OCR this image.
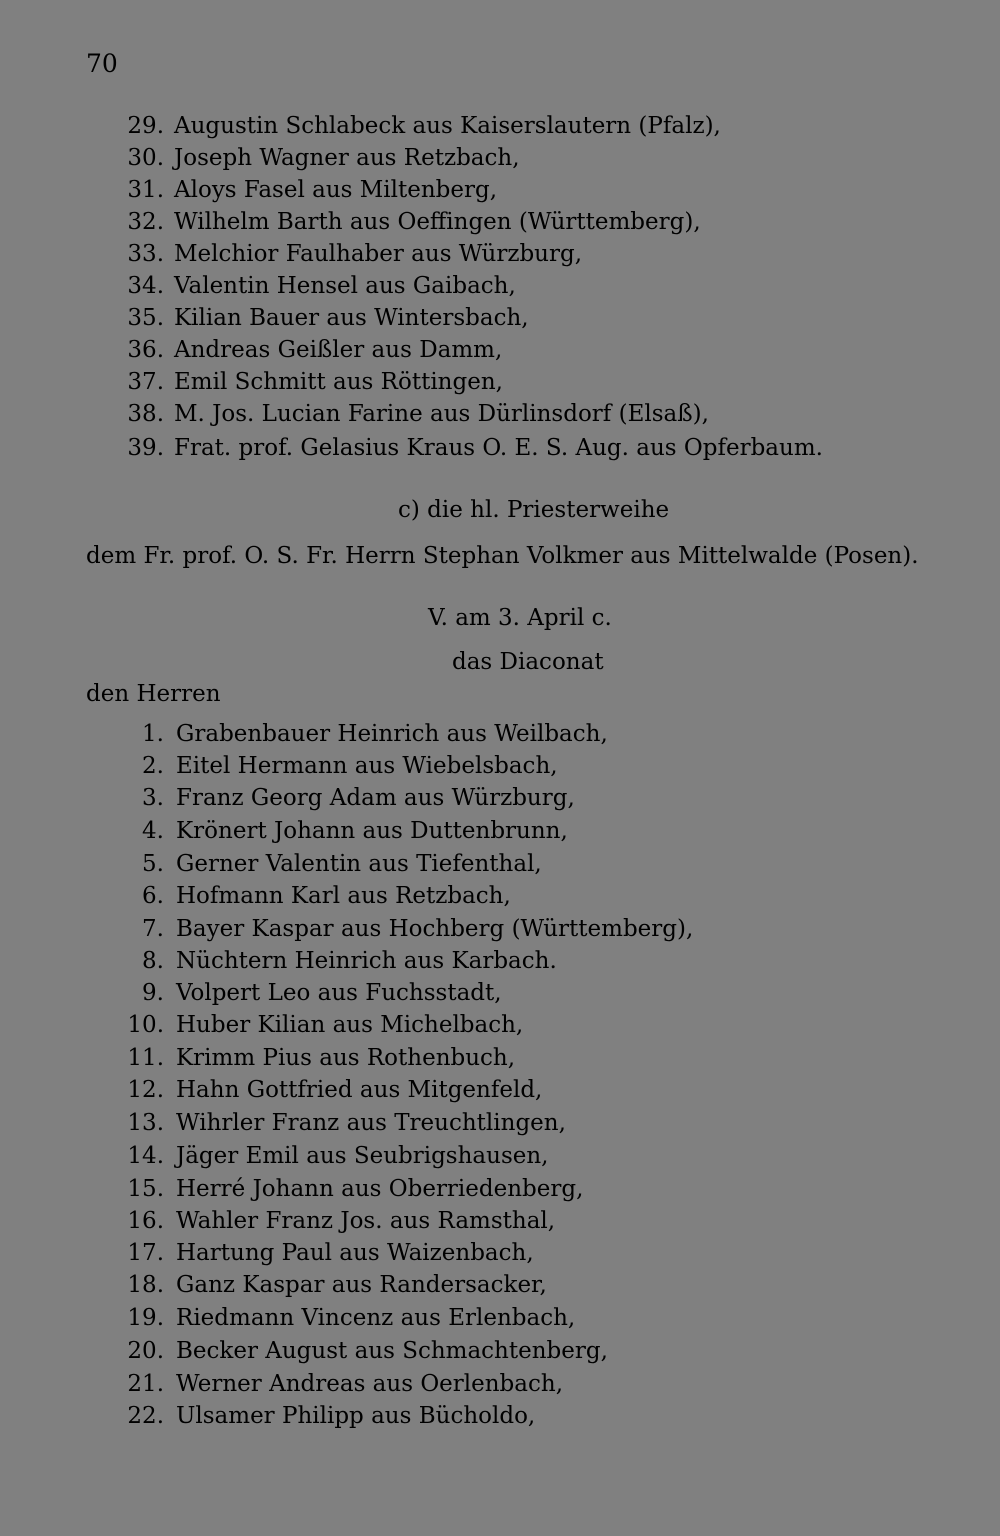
70
29. Augustin Schlabeck aus Kaiserslautern (Pfalz),
30. Joseph Wagner aus Retzbach,
31. Aloys Fasel aus Miltenberg,
32. Wilhelm Barth aus Oeffingen (Württemberg),
33. Melchior Faulhaber aus Würzburg,
34. Valentin Hensel aus Gaibach,
35. Kilian Bauer aus Wintersbach,
36. Andreas Geißler aus Damm,
37. Emil Schmitt aus Röttingen,
38. M. Jos. Lucian Farine aus Dürlinsdorf (Elsaß),
39. Frat. prof. Gelasius Kraus O. E. S. Aug. aus Opferbaum.
c) die hl. Priesterweihe
dem Fr. prof. O. S. Fr. Herrn Stephan Volkmer aus Mittelwalde (Posen).
V. am 3. April c.
das Diaconat
den Herren
1. Grabenbauer Heinrich aus Weilbach,
2. Eitel Hermann aus Wiebelsbach,
3. Franz Georg Adam aus Würzburg,
4. Krönert Johann aus Duttenbrunn,
5. Gerner Valentin aus Tiefenthal,
6. Hofmann Karl aus Retzbach,
7. Bayer Kaspar aus Hochberg (Württemberg),
8. Nüchtern Heinrich aus Karbach.
9. Volpert Leo aus Fuchsstadt,
10. Huber Kilian aus Michelbach,
11. Krimm Pius aus Rothenbuch,
12. Hahn Gottfried aus Mitgenfeld,
13. Wihrler Franz aus Treuchtlingen,
14. Jäger Emil aus Seubrigshausen,
15. Herré Johann aus Oberriedenberg,
16. Wahler Franz Jos. aus Ramsthal,
17. Hartung Paul aus Waizenbach,
18. Ganz Kaspar aus Randersacker,
19. Riedmann Vincenz aus Erlenbach,
20. Becker August aus Schmachtenberg,
21. Werner Andreas aus Oerlenbach,
22. Ulsamer Philipp aus Bücholdo,
